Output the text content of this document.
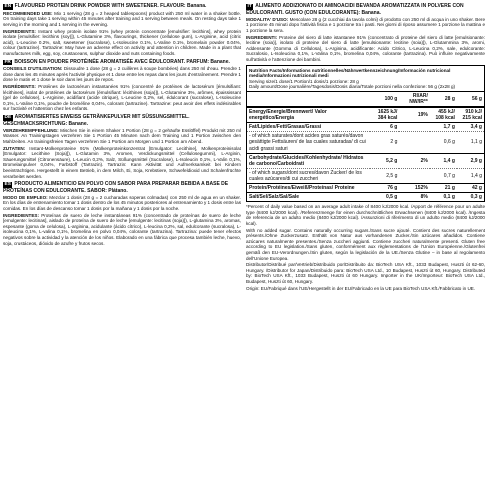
EN FLAVOURED PROTEIN DRINK POWDER WITH SWEETENER. FLAVOUR: Banana.

RECOMMENDED USE: Mix 1 serving (28 g = 2 heaped tablespoons) product with 250 ml water in a shaker bottle. On training days take 1 serving within 45 minutes after training and 1 serving between meals. On resting days take 1 serving in the morning and 1 serving in the evening.

INGREDIENTS: Instant whey protein isolate 91% (whey protein concentrate [emulsifier: lecithins], whey protein isolate [emulsifier: lecithins (soy)]), L-Glutamine 3%, flavourings, thickener (cellulose gum), L-Arginine, acid (citric acid), L-Leucine 0.2%, salt, sweetener (sucralose), L-Isoleucine 0.1%, L-Valine 0.1%, bromelain powder 0.04%, colour (tartrazine). Tartrazine: May have an adverse effect on activity and attention in children. Made in a plant that manufactures milk, egg, soy, crustaceans, sulphur dioxide and nuts containing foods.

FR BOISSON EN POUDRE PROTÉINÉE AROMATISÉE AVEC ÉDULCORANT. PARFUM: Banane.

CONSEILS D'UTILISATION: Dissoudre 1 dose (28 g = 2 cuillères à soupe bombées) dans 250 ml d'eau. Prendre 1 dose dans les 45 minutes après l'activité physique et 1 dose entre les repas dans les jours d'entraînement. Prendre 1 dose le matin et 1 dose le soir dans les jours de repos.

INGRÉDIENTS: Protéines de lactosérum instantanées 91% (concentré de protéines de lactosérum [émulsifiant: lécithines], isolat de protéines de lactosérum [émulsifiant: lécithines (soja)]), L-Glutamine 3%, arômes, épaississant (gel de cellulose), L-Arginine, acidifiant (acide citrique), L-Leucine 0,2%, sel, édulcorant (sucralose), L-Isoleucine 0,1%, L-Valine 0,1%, poudre de broméline 0,04%, colorant (tartrazine). Tartrazine: peut avoir des effets indésirables sur l'activité et l'attention chez les enfants.

DE AROMATISIERTES EIWEISS GETRÄNKEPULVER MIT SÜSSUNGSMITTEL. GESCHMACKSRICHTUNG: Banane.

VERZEHREMPFEHLUNG: Mischen Sie in einem Shaker 1 Portion (28 g = 2 gehäufte Esslöffel) Produkt mit 250 ml Wasser. An Trainingstagen verzehren Sie 1 Portion 45 Minuten nach dem Training und 1 Portion zwischen den Mahlzeiten. An trainingsfreien Tagen verzehren Sie 1 Portion am Morgen und 1 Portion am Abend.

ZUTATEN: Instant-Molkenproteine 91% (Molkenproteinkonzentrat [Emulgator: Lecithine], Molkenproteinisolat [Emulgator: Lecithine (Soja)]), L-Glutamin 3%, Aromen, Verdickungsmittel (Cellulosegummi), L-Arginin, Säuerungsmittel (Citronensäure), L-Leucin 0,2%, Salz, Süßungsmittel (Sucralose), L-Isoleucin 0,1%, L-Valin 0,1%, Bromelainpulver 0,04%, Farbstoff (Tartrazin). Tartrazin: Kann Aktivität und Aufmerksamkeit bei Kindern beeinträchtigen. Hergestellt in einem Betrieb, in dem Milch, Ei, Soja, Krebstiere, Schwefeldioxid und Schalenfrüchte verarbeitet werden.

ES PRODUCTO ALIMENTICIO EN POLVO CON SABOR PARA PREPARAR BEBIDA A BASE DE PROTEÍNAS CON EDULCORANTE. SABOR: Plátano.

MODO DE EMPLEO: Mezclar 1 dosis (28 g = 2 cucharadas soperas colmadas) con 250 ml de agua en un shaker. En los días de entrenamiento tomar 1 dosis dentro de los 45 minutos posteriores al entrenamiento y 1 dosis entre las comidas. En los días de descanso tomar 1 dosis por la mañana y 1 dosis por la noche.

INGREDIENTES: Proteínas de suero de leche instantáneas 91% (concentrado de proteínas de suero de leche [emulgente: lecitinas], aislado de proteína de suero de leche [emulgente: lecitinas (soja)]), L-glutamina 3%, aromas, espesante (goma de celulosa), L-arginina, acidulante (ácido cítrico), L-leucina 0,2%, sal, edulcorante (sucralosa), L-isoleucina 0,1%, L-valina 0,1%, bromelina en polvo 0,04%, colorante (tartrazina). Tartrazina: puede tener efectos negativos sobre la actividad y la atención de los niños. Elaborado en una fábrica que procesa también leche, huevo, soja, crustáceos, dióxido de azufre y frutos secos.

IT ALIMENTO ADDIZIONATO DI AMINOACIDI BEVANDA AROMATIZZATA IN POLVERE CON EDULCORANTI. GUSTO (CON EDULCORANTE): Banana.

MODALITA' D'USO: Mescolare 28 g (2 cucchiai da tavola colmi) di prodotto con 250 ml di acqua in uno shaker. Bere 1 porzione 45 minuti dopo l'attività fisica e 1 porzione tra i pasti. Nei giorni di riposo assumere 1 porzione la mattina e 1 porzione la sera.

INGREDIENTI: Proteine del siero di latte istantanee 91% (concentrato di proteine del siero di latte [emulsionante: lecitine (soia)], isolato di proteine del siero di latte [emulsionante: lecitine (soia)]), L-Glutammina 3%, aromi, Addensante (Gomma di Cellulosa), L-Arginina, acidificante: Acido Citrico, L-Leucina 0,2%, sale, edulcorante: Sucralosio, L-Isoleucina 0,1%, L-Valina 0,1%, bromelina 0,04%, colorante (tartrazina). Può influire negativamente sull'attività e l'attenzione dei bambini.

Nutrition Facts/Informations nutritionnelles/Nährwertkennzeichnung/Información nutricional media/Informazioni nutrizionali medi
Serving size/1 dose/1 Portion/1 dosis/1 porzione: 28 g
Daily amount/Dose journalière/Tagesdosis/Dosis diaria/Totale porzioni nella confezione: 56 g (2x28 g)
	100 g	RI/AR/ NW/IR**	28 g	56 g
Energy/Energie/Brennwert/ Valor energético/Energia	1625 kJ/ 384 kcal	19%	455 kJ/ 108 kcal	910 kJ/ 215 kcal
Fat/Lipides/Fett/Grasas/Grassi	6 g		1,7 g	3,4 g
- of which saturates/dont acides gras saturés/davon gesättigte Fettsäuren/ de las cuales saturadas/ di cui acidi grassi saturi	2 g		0,6 g	1,1 g
Carbohydrate/Glucides/Kohlenhydrate/ Hidratos de carbono/Carboidrati	5,2 g	2%	1,4 g	2,9 g
- of which sugars/dont sucres/davon Zucker/ de los cuales azúcares/di cui zuccheri	2,5 g		0,7 g	1,4 g
Protein/Protéines/Eiweiß/Proteínas/ Proteine	76 g	152%	21 g	42 g
Salt/Sel/Salz/Sal/Sale	0,5 g	8%	0,1 g	0,3 g

*Percent of daily value based on an average adult intake of 8400 kJ/2000 kcal. /Apport de référence pour un adulte type (8400 kJ/2000 kcal). /Referenzmenge für einen durchschnittlichen Erwachsenen (8400 kJ/2000 kcal). /Ingesta de referencia de un adulto medio (8400 kJ/2000 kcal). /Assunzioni di riferimento di un adulto medio (8400 kJ/2000 kcal).

With no added sugar. Contains naturally occurring sugars./Sans sucre ajouté. Contient des sucres naturellement présents./Ohne Zuckerzusatz. Enthält von Natur aus vorhandenen Zucker./Sin azúcares añadidos. Contiene azúcares naturalmente presentes./Senza zuccheri aggiunti. Contiene zuccheri naturalmente presenti. Gluten free according to EU legislation./Sans gluten, conformément aux règlementations de l'Union Européenne./Glutenfrei gemäß den EU-Verordnungen./Sin gluten, según la legislación de la UE./Senza Glutine – in base al regolamento dell'Unione Europea.

Distributor/Distribué par/Vertrieb/Distribuido por/Distribuito da: BioTech USA Kft., 1033 Budapest, Huszti út 62-60, Hungary. /Distributor for Japan/Distribuido para: BioTech USA Ltd., 10 Budapest, Huszti út 60, Hungary. Distributed by: BioTech USA Kft., 1033 Budapest, Huszti út 60 Hungary. Importer in the UK/Importeur: BioTech USA Ltd., Budapest, Huszti út 60, Hungary.

Origin: EU/Fabriqué dans l'UE/Hergestellt in der EU/Fabricado en la UE para BioTech USA Kft./Fabbricato in UE.
